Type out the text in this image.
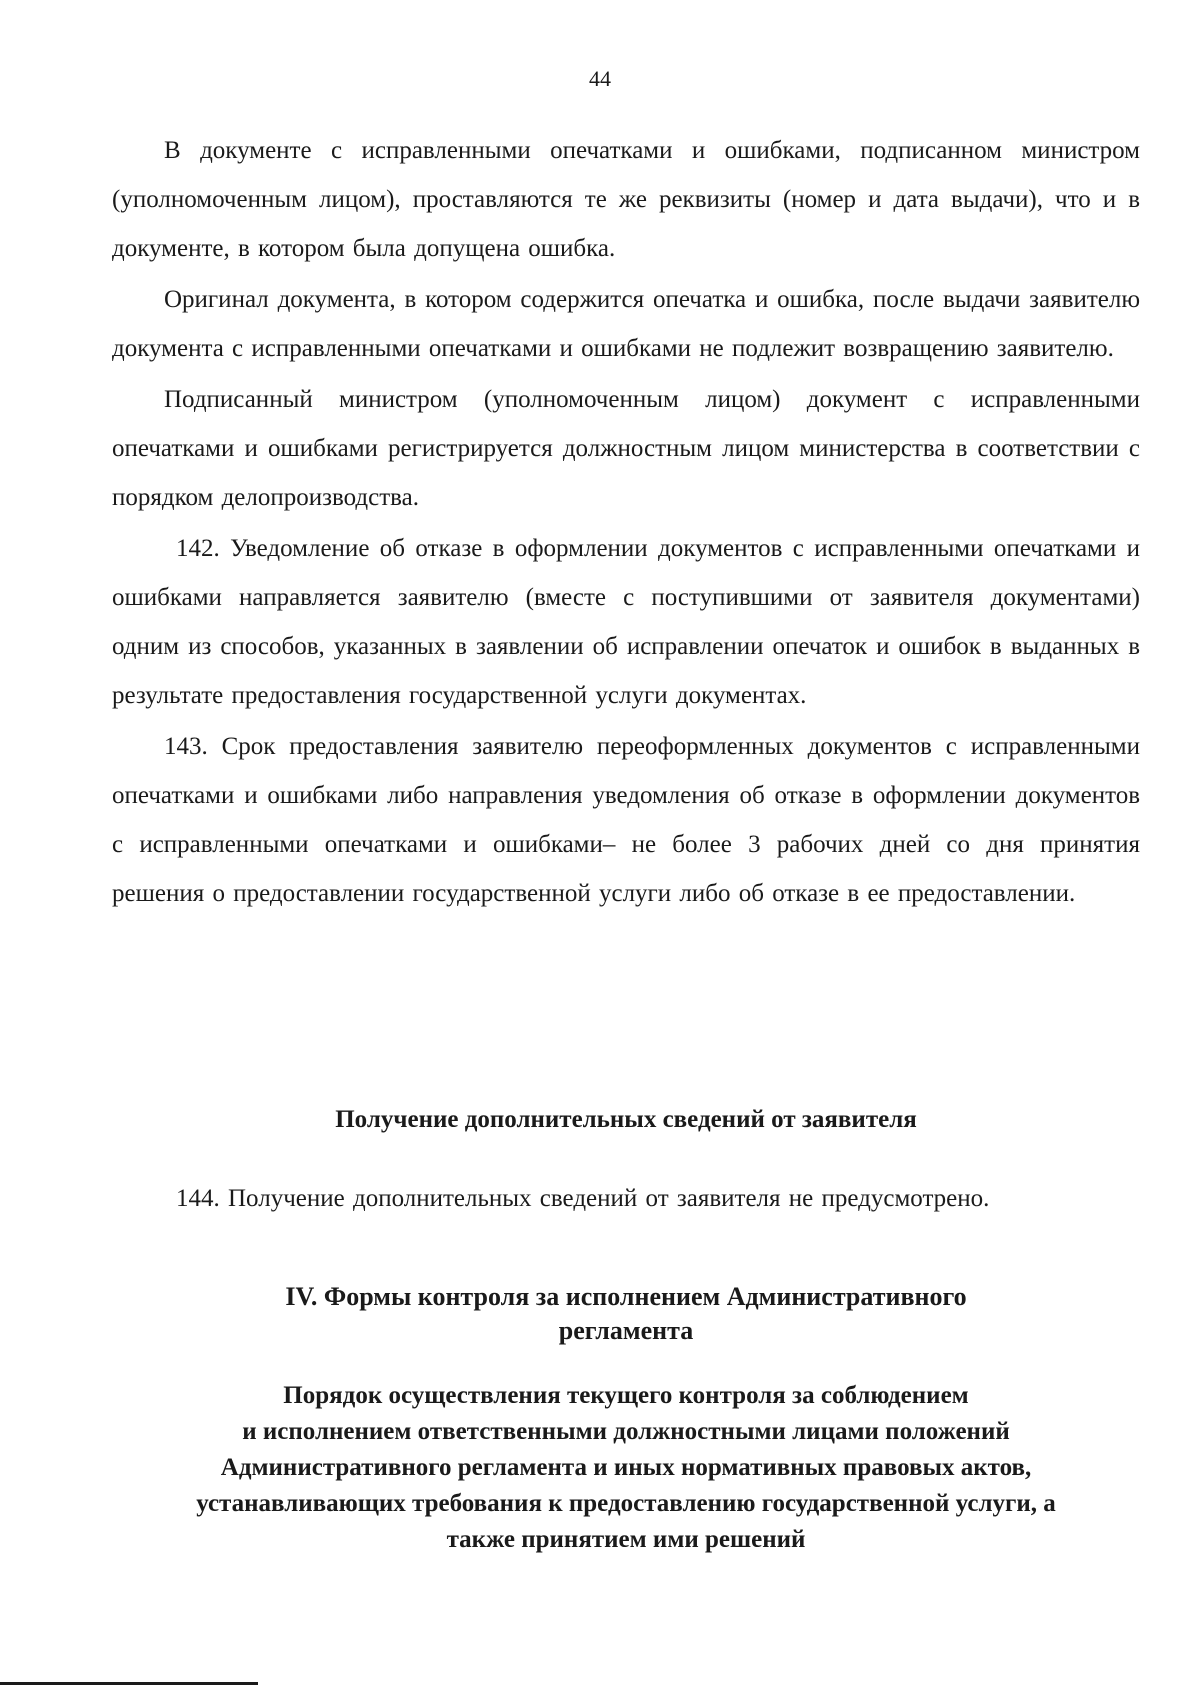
44

В документе с исправленными опечатками и ошибками, подписанном министром (уполномоченным лицом), проставляются те же реквизиты (номер и дата выдачи), что и в документе, в котором была допущена ошибка.

Оригинал документа, в котором содержится опечатка и ошибка, после выдачи заявителю документа с исправленными опечатками и ошибками не подлежит возвращению заявителю.

Подписанный министром (уполномоченным лицом) документ с исправленными опечатками и ошибками регистрируется должностным лицом министерства в соответствии с порядком делопроизводства.

142. Уведомление об отказе в оформлении документов с исправленными опечатками и ошибками направляется заявителю (вместе с поступившими от заявителя документами) одним из способов, указанных в заявлении об исправлении опечаток и ошибок в выданных в результате предоставления государственной услуги документах.

143. Срок предоставления заявителю переоформленных документов с исправленными опечатками и ошибками либо направления уведомления об отказе в оформлении документов с исправленными опечатками и ошибками– не более 3 рабочих дней со дня принятия решения о предоставлении государственной услуги либо об отказе в ее предоставлении.

Получение дополнительных сведений от заявителя

144. Получение дополнительных сведений от заявителя не предусмотрено.

IV. Формы контроля за исполнением Административного

регламента

Порядок осуществления текущего контроля за соблюдением

и исполнением ответственными должностными лицами положений

Административного регламента и иных нормативных правовых актов,

устанавливающих требования к предоставлению государственной услуги, а

также принятием ими решений
